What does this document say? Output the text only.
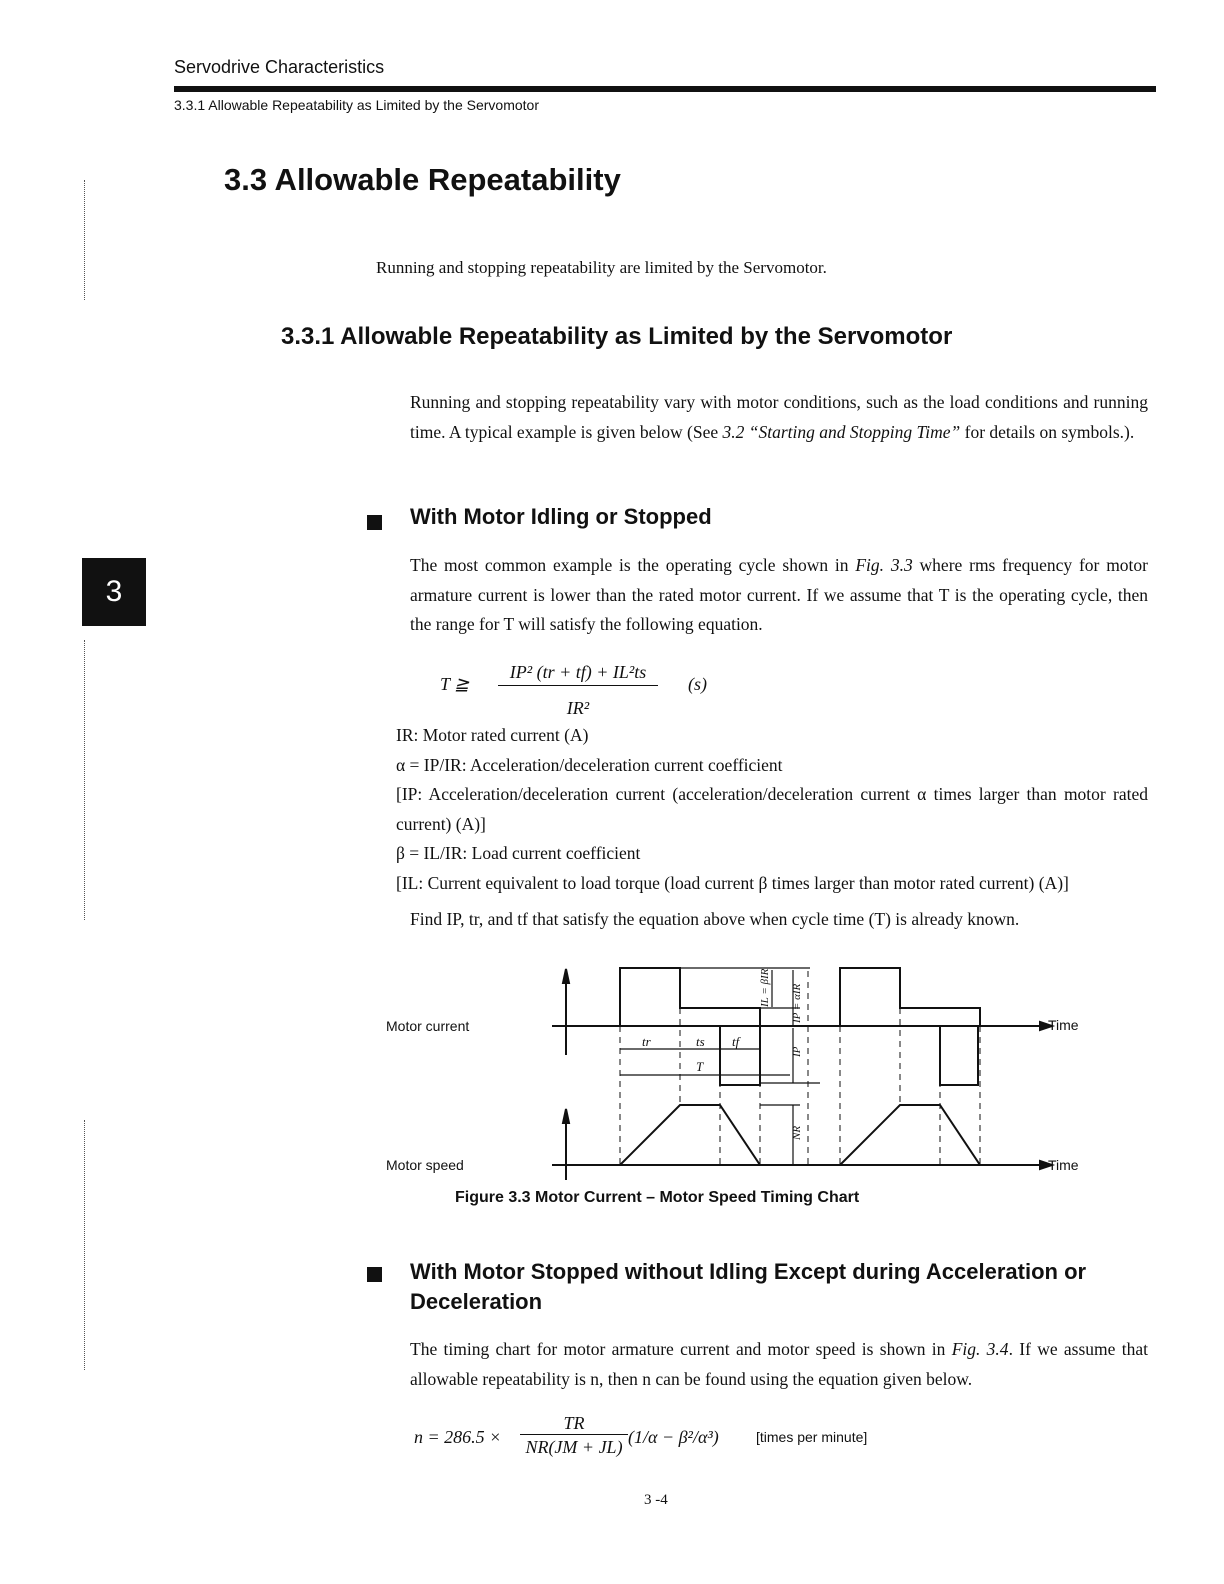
Servodrive Characteristics
3.3.1 Allowable Repeatability as Limited by the Servomotor
3
3.3 Allowable Repeatability
Running and stopping repeatability are limited by the Servomotor.
3.3.1 Allowable Repeatability as Limited by the Servomotor
Running and stopping repeatability vary with motor conditions, such as the load conditions and running time. A typical example is given below (See 3.2 “Starting and Stopping Time” for details on symbols.).
With Motor Idling or Stopped
The most common example is the operating cycle shown in Fig. 3.3 where rms frequency for motor armature current is lower than the rated motor current. If we assume that T is the operating cycle, then the range for T will satisfy the following equation.
T ≧
IP² (tr + tf) + IL²ts
IR²
(s)
IR: Motor rated current (A)
α = IP/IR: Acceleration/deceleration current coefficient
[IP: Acceleration/deceleration current (acceleration/deceleration current α times larger than motor rated current) (A)]
β = IL/IR: Load current coefficient
[IL: Current equivalent to load torque (load current β times larger than motor rated current) (A)]
Find IP, tr, and tf that satisfy the equation above when cycle time (T) is already known.
tr	ts tf
T
IL = βIR IP = αIR
IP
NR
Motor current
Motor speed
Time
Time
Figure 3.3 Motor Current – Motor Speed Timing Chart
With Motor Stopped without Idling Except during Acceleration or Deceleration
The timing chart for motor armature current and motor speed is shown in Fig. 3.4. If we assume that allowable repeatability is n, then n can be found using the equation given below.
n = 286.5 ×
TR
NR(JM + JL) (1/α − β²/α³)	[times per minute]
3 -4
